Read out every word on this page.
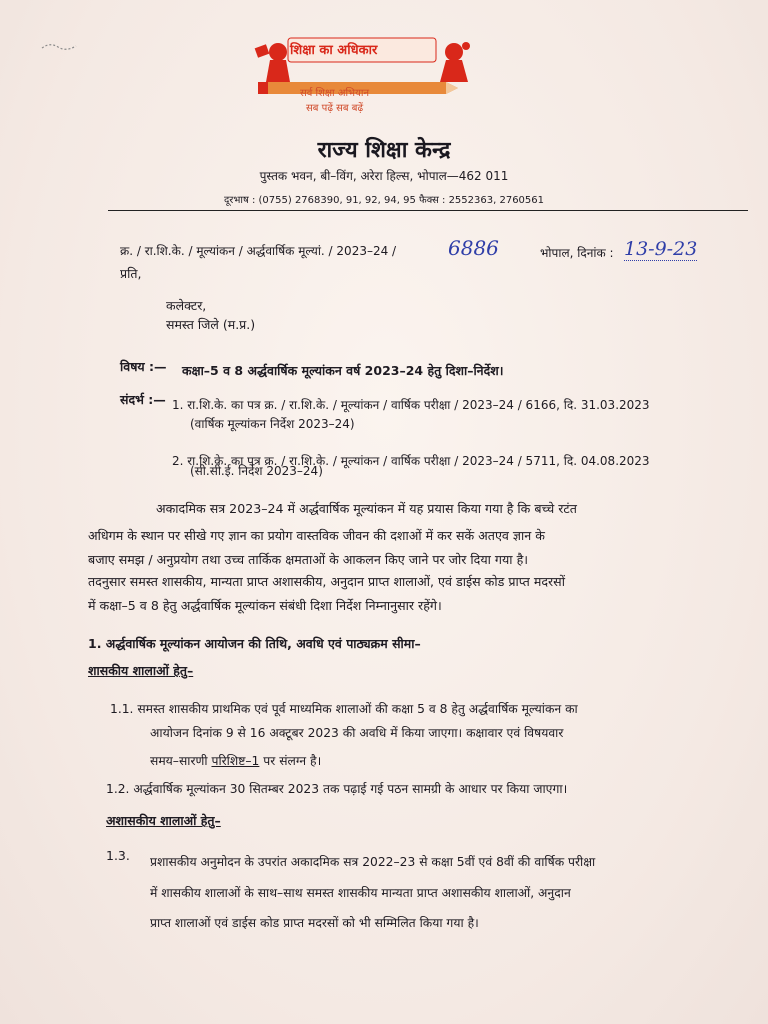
शिक्षा का अधिकार
सर्व शिक्षा अभियान
सब पढ़ें सब बढ़ें
राज्य शिक्षा केन्द्र
पुस्तक भवन, बी–विंग, अरेरा हिल्स, भोपाल—462 011
दूरभाष : (0755) 2768390, 91, 92, 94, 95 फैक्स : 2552363, 2760561
क्र. / रा.शि.के. / मूल्यांकन / अर्द्धवार्षिक मूल्यां. / 2023–24 /	6886	भोपाल, दिनांक : 13-9-23
प्रति,
कलेक्टर,
समस्त जिले (म.प्र.)
विषय :— कक्षा–5 व 8 अर्द्धवार्षिक मूल्यांकन वर्ष 2023–24 हेतु दिशा–निर्देश।
संदर्भ :— 1. रा.शि.के. का पत्र क्र. / रा.शि.के. / मूल्यांकन / वार्षिक परीक्षा / 2023–24 / 6166, दि. 31.03.2023
(वार्षिक मूल्यांकन निर्देश 2023–24)
2. रा.शि.के. का पत्र क्र. / रा.शि.के. / मूल्यांकन / वार्षिक परीक्षा / 2023–24 / 5711, दि. 04.08.2023
(सी.सी.ई. निर्देश 2023–24)
अकादमिक सत्र 2023–24 में अर्द्धवार्षिक मूल्यांकन में यह प्रयास किया गया है कि बच्चे रटंत
अधिगम के स्थान पर सीखे गए ज्ञान का प्रयोग वास्तविक जीवन की दशाओं में कर सकें अतएव ज्ञान के
बजाए समझ / अनुप्रयोग तथा उच्च तार्किक क्षमताओं के आकलन किए जाने पर जोर दिया गया है।
तदनुसार समस्त शासकीय, मान्यता प्राप्त अशासकीय, अनुदान प्राप्त शालाओं, एवं डाईस कोड प्राप्त मदरसों
में कक्षा–5 व 8 हेतु अर्द्धवार्षिक मूल्यांकन संबंधी दिशा निर्देश निम्नानुसार रहेंगे।
1. अर्द्धवार्षिक मूल्यांकन आयोजन की तिथि, अवधि एवं पाठ्यक्रम सीमा–
शासकीय शालाओं हेतु–
1.1. समस्त शासकीय प्राथमिक एवं पूर्व माध्यमिक शालाओं की कक्षा 5 व 8 हेतु अर्द्धवार्षिक मूल्यांकन का
आयोजन दिनांक 9 से 16 अक्टूबर 2023 की अवधि में किया जाएगा। कक्षावार एवं विषयवार
समय–सारणी परिशिष्ट–1 पर संलग्न है।
1.2. अर्द्धवार्षिक मूल्यांकन 30 सितम्बर 2023 तक पढ़ाई गई पठन सामग्री के आधार पर किया जाएगा।
अशासकीय शालाओं हेतु–
1.3. प्रशासकीय अनुमोदन के उपरांत अकादमिक सत्र 2022–23 से कक्षा 5वीं एवं 8वीं की वार्षिक परीक्षा
में शासकीय शालाओं के साथ–साथ समस्त शासकीय मान्यता प्राप्त अशासकीय शालाओं, अनुदान
प्राप्त शालाओं एवं डाईस कोड प्राप्त मदरसों को भी सम्मिलित किया गया है।
